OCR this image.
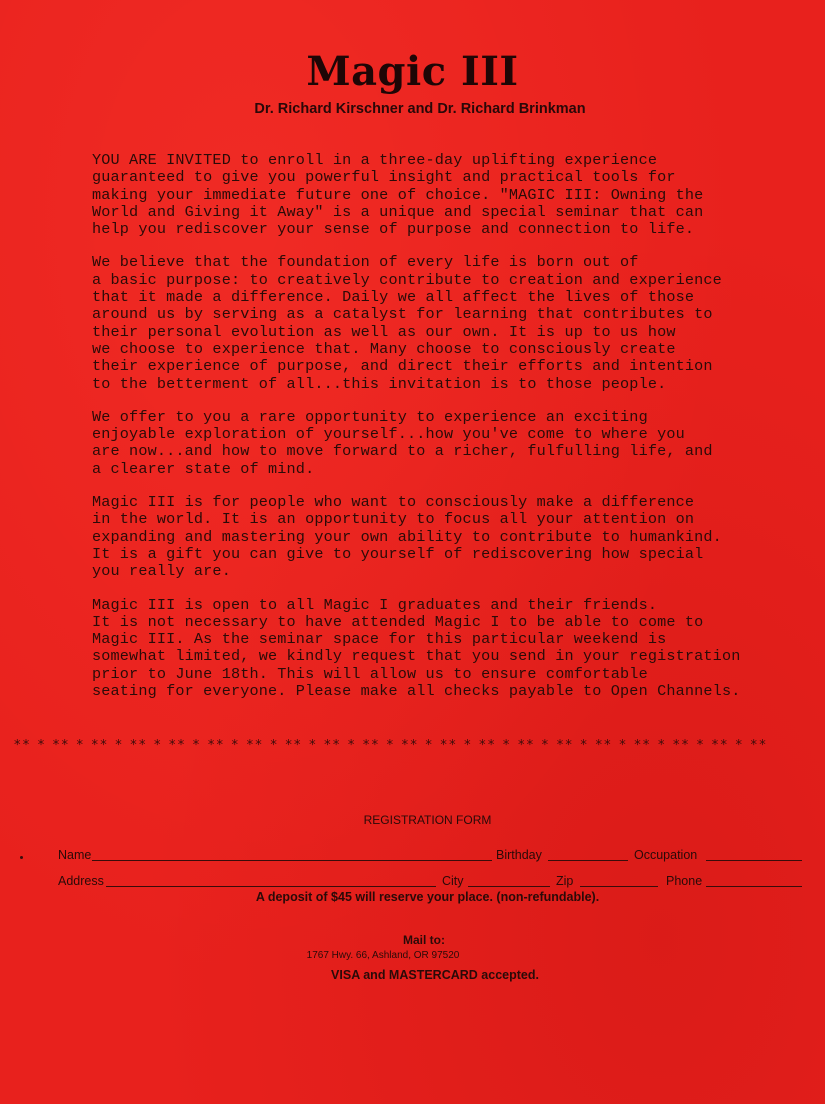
Magic III
Dr. Richard Kirschner and Dr. Richard Brinkman

YOU ARE INVITED to enroll in a three-day uplifting experience
guaranteed to give you powerful insight and practical tools for
making your immediate future one of choice. "MAGIC III: Owning the
World and Giving it Away" is a unique and special seminar that can
help you rediscover your sense of purpose and connection to life.

We believe that the foundation of every life is born out of
a basic purpose: to creatively contribute to creation and experience
that it made a difference. Daily we all affect the lives of those
around us by serving as a catalyst for learning that contributes to
their personal evolution as well as our own. It is up to us how
we choose to experience that. Many choose to consciously create
their experience of purpose, and direct their efforts and intention
to the betterment of all...this invitation is to those people.

We offer to you a rare opportunity to experience an exciting
enjoyable exploration of yourself...how you've come to where you
are now...and how to move forward to a richer, fulfulling life, and
a clearer state of mind.

Magic III is for people who want to consciously make a difference
in the world. It is an opportunity to focus all your attention on
expanding and mastering your own ability to contribute to humankind.
It is a gift you can give to yourself of rediscovering how special
you really are.

Magic III is open to all Magic I graduates and their friends.
It is not necessary to have attended Magic I to be able to come to
Magic III. As the seminar space for this particular weekend is
somewhat limited, we kindly request that you send in your registration
prior to June 18th. This will allow us to ensure comfortable
seating for everyone. Please make all checks payable to Open Channels.

** * ** * ** * ** * ** * ** * ** * ** * ** * ** * ** * ** * ** * ** * ** * ** * ** * ** * ** * **
REGISTRATION FORM
Name	Birthday	Occupation
Address	City	Zip	Phone
A deposit of $45 will reserve your place. (non-refundable).
Mail to:
1767 Hwy. 66, Ashland, OR 97520
VISA and MASTERCARD accepted.
